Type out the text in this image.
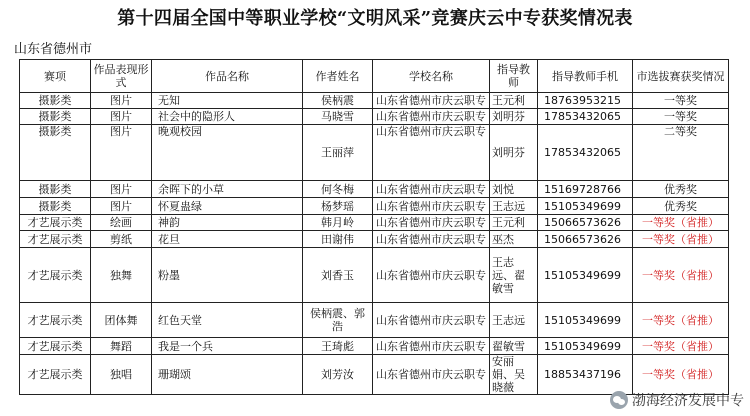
第十四届全国中等职业学校“文明风采”竞赛庆云中专获奖情况表
山东省德州市
赛项	作品表现形式	作品名称	作者姓名	学校名称	指导教师	指导教师手机	市选拔赛获奖情况
摄影类	图片	无知	侯柄震	山东省德州市庆云职专	王元利	18763953215	一等奖
摄影类	图片	社会中的隐形人	马晓雪	山东省德州市庆云职专	刘明芬	17853432065	一等奖
摄影类	图片	晚观校园	王丽萍	山东省德州市庆云职专	刘明芬	17853432065	二等奖
摄影类	图片	余晖下的小草	何冬梅	山东省德州市庆云职专	刘悦	15169728766	优秀奖
摄影类	图片	怀夏蛊绿	杨梦瑶	山东省德州市庆云职专	王志远	15105349699	优秀奖
才艺展示类	绘画	神韵	韩月岭	山东省德州市庆云职专	王元利	15066573626	一等奖（省推）
才艺展示类	剪纸	花旦	田谢伟	山东省德州市庆云职专	巫杰	15066573626	一等奖（省推）
才艺展示类	独舞	粉墨	刘香玉	山东省德州市庆云职专	王志远、翟敏雪	15105349699	一等奖（省推）
才艺展示类	团体舞	红色天堂	侯柄震、郭浩	山东省德州市庆云职专	王志远	15105349699	一等奖（省推）
才艺展示类	舞蹈	我是一个兵	王琦彪	山东省德州市庆云职专	翟敏雪	15105349699	一等奖（省推）
才艺展示类	独唱	珊瑚颂	刘芳汝	山东省德州市庆云职专	安丽娟、吴晓薇	18853437196	一等奖（省推）
渤海经济发展中专
